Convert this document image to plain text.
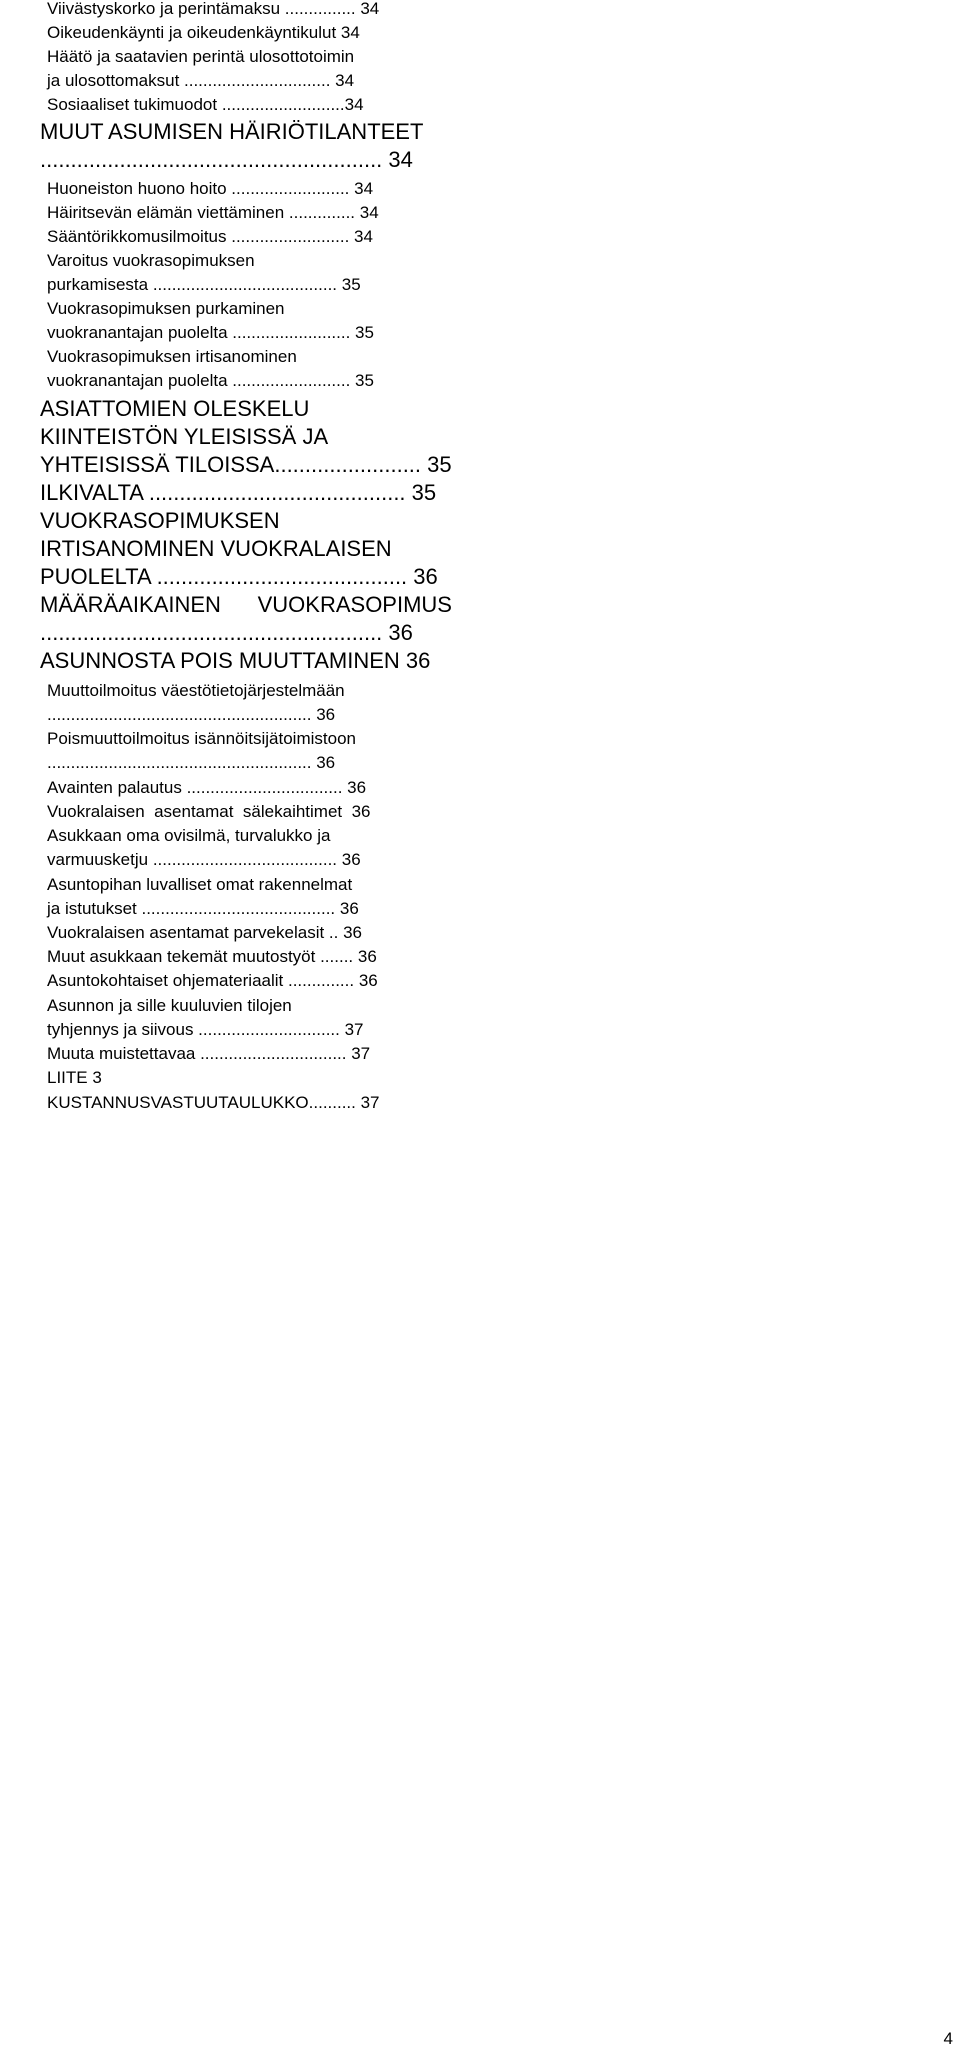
Viivästyskorko ja perintämaksu ............... 34
Oikeudenkäynti ja oikeudenkäyntikulut 34
Häätö ja saatavien perintä ulosottotoimin
ja ulosottomaksut ............................... 34
Sosiaaliset tukimuodot ..........................34
MUUT ASUMISEN HÄIRIÖTILANTEET
........................................................ 34
Huoneiston huono hoito ......................... 34
Häiritsevän elämän viettäminen .............. 34
Sääntörikkomusilmoitus ......................... 34
Varoitus vuokrasopimuksen
purkamisesta ....................................... 35
Vuokrasopimuksen purkaminen
vuokranantajan puolelta ......................... 35
Vuokrasopimuksen irtisanominen
vuokranantajan puolelta ......................... 35
ASIATTOMIEN OLESKELU
KIINTEISTÖN YLEISISSÄ JA
YHTEISISSÄ TILOISSA........................ 35
ILKIVALTA .......................................... 35
VUOKRASOPIMUKSEN
IRTISANOMINEN VUOKRALAISEN
PUOLELTA ......................................... 36
MÄÄRÄAIKAINEN      VUOKRASOPIMUS
........................................................ 36
ASUNNOSTA POIS MUUTTAMINEN 36
Muuttoilmoitus väestötietojärjestelmään
........................................................ 36
Poismuuttoilmoitus isännöitsijätoimistoon
........................................................ 36
Avainten palautus ................................. 36
Vuokralaisen  asentamat  sälekaihtimet  36
Asukkaan oma ovisilmä, turvalukko ja
varmuusketju ....................................... 36
Asuntopihan luvalliset omat rakennelmat
ja istutukset ......................................... 36
Vuokralaisen asentamat parvekelasit .. 36
Muut asukkaan tekemät muutostyöt ....... 36
Asuntokohtaiset ohjemateriaalit .............. 36
Asunnon ja sille kuuluvien tilojen
tyhjennys ja siivous .............................. 37
Muuta muistettavaa ............................... 37
LIITE 3
KUSTANNUSVASTUUTAULUKKO.......... 37
4
